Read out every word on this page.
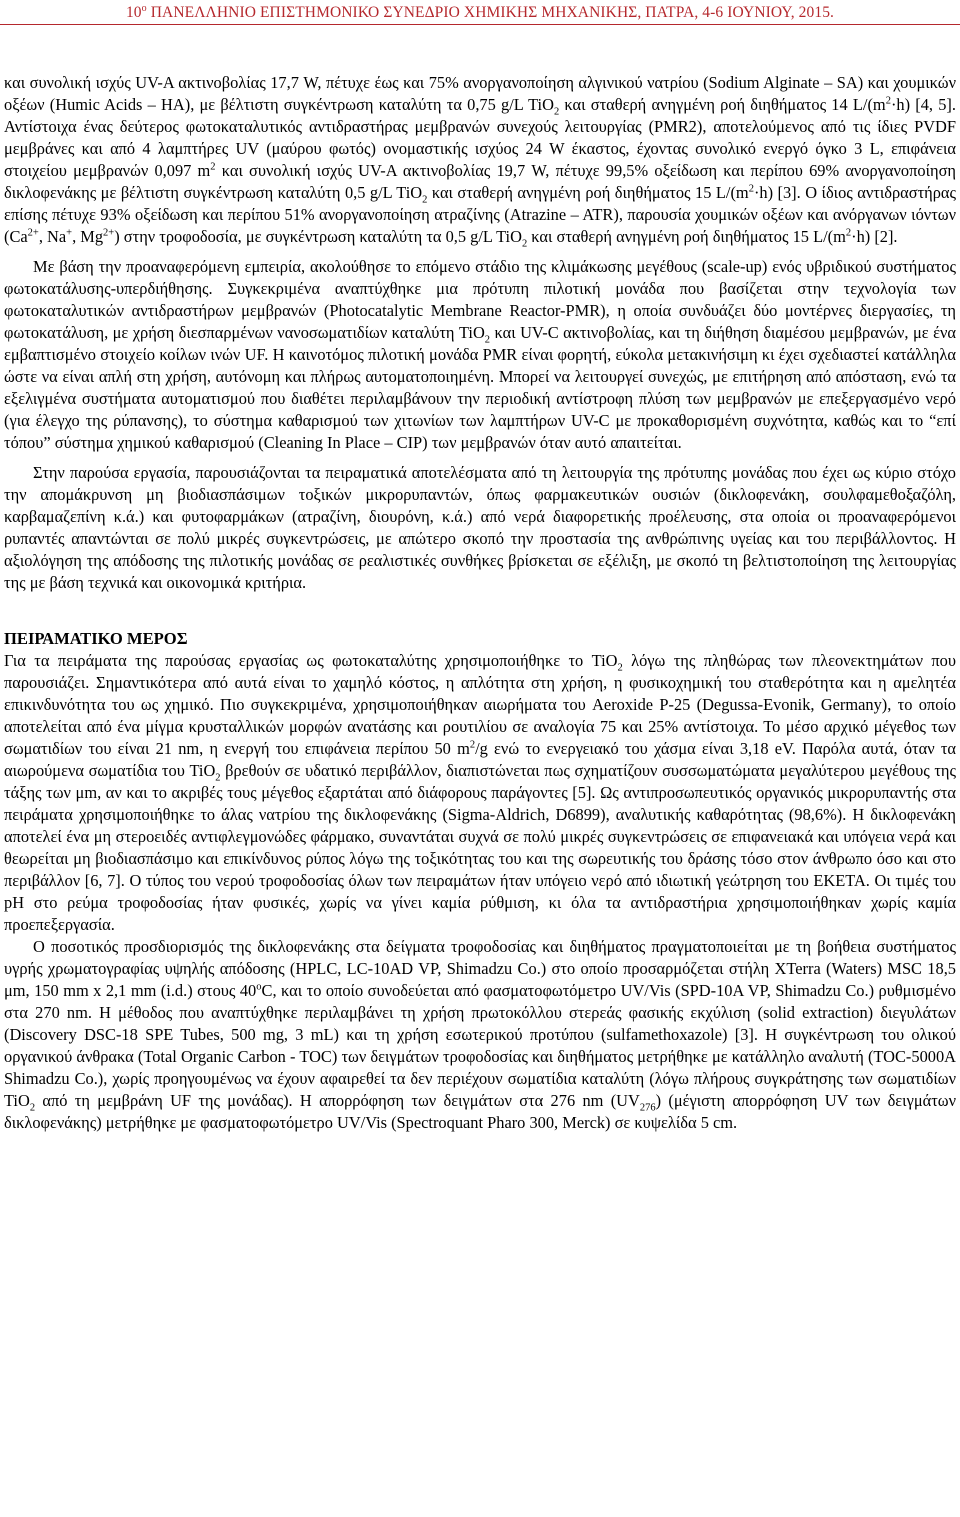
$10^o$ ΠΑΝΕΛΛΗΝΙΟ ΕΠΙΣΤΗΜΟΝΙΚΟ ΣΥΝΕΔΡΙΟ ΧΗΜΙΚΗΣ ΜΗΧΑΝΙΚΗΣ, ΠΑΤΡΑ, 4-6 ΙΟΥΝΙΟΥ, 2015.

και συνολική ισχύς UV-A ακτινοβολίας 17,7 W, πέτυχε έως και 75% ανοργανοποίηση αλγινικού νατρίου (Sodium Alginate – SA) και χουμικών οξέων (Humic Acids – HA), με βέλτιστη συγκέντρωση καταλύτη τα 0,75 g/L TiO$_2$ και σταθερή ανηγμένη ροή διηθήματος 14 $L/(m^2\cdot h)$ [4, 5]. Αντίστοιχα ένας δεύτερος φωτοκαταλυτικός αντιδραστήρας μεμβρανών συνεχούς λειτουργίας (PMR2), αποτελούμενος από τις ίδιες PVDF μεμβράνες και από 4 λαμπτήρες UV (μαύρου φωτός) ονομαστικής ισχύος 24 W έκαστος, έχοντας συνολικό ενεργό όγκο 3 L, επιφάνεια στοιχείου μεμβρανών 0,097 $m^2$ και συνολική ισχύς UV-A ακτινοβολίας 19,7 W, πέτυχε 99,5% οξείδωση και περίπου 69% ανοργανοποίηση δικλοφενάκης με βέλτιστη συγκέντρωση καταλύτη 0,5 g/L TiO$_2$ και σταθερή ανηγμένη ροή διηθήματος 15 $L/(m^2\cdot h)$ [3]. Ο ίδιος αντιδραστήρας επίσης πέτυχε 93% οξείδωση και περίπου 51% ανοργανοποίηση ατραζίνης (Atrazine – ATR), παρουσία χουμικών οξέων και ανόργανων ιόντων ($Ca^{2+}$, Na+, $Mg^{2+}$) στην τροφοδοσία, με συγκέντρωση καταλύτη τα 0,5 g/L TiO$_2$ και σταθερή ανηγμένη ροή διηθήματος 15 $L/(m^2\cdot h)$ [2].

Με βάση την προαναφερόμενη εμπειρία, ακολούθησε το επόμενο στάδιο της κλιμάκωσης μεγέθους (scale-up) ενός υβριδικού συστήματος φωτοκατάλυσης-υπερδιήθησης. Συγκεκριμένα αναπτύχθηκε μια πρότυπη πιλοτική μονάδα που βασίζεται στην τεχνολογία των φωτοκαταλυτικών αντιδραστήρων μεμβρανών (Photocatalytic Membrane Reactor-PMR), η οποία συνδυάζει δύο μοντέρνες διεργασίες, τη φωτοκατάλυση, με χρήση διεσπαρμένων νανοσωματιδίων καταλύτη TiO$_2$ και UV-C ακτινοβολίας, και τη διήθηση διαμέσου μεμβρανών, με ένα εμβαπτισμένο στοιχείο κοίλων ινών UF. Η καινοτόμος πιλοτική μονάδα PMR είναι φορητή, εύκολα μετακινήσιμη κι έχει σχεδιαστεί κατάλληλα ώστε να είναι απλή στη χρήση, αυτόνομη και πλήρως αυτοματοποιημένη. Μπορεί να λειτουργεί συνεχώς, με επιτήρηση από απόσταση, ενώ τα εξελιγμένα συστήματα αυτοματισμού που διαθέτει περιλαμβάνουν την περιοδική αντίστροφη πλύση των μεμβρανών με επεξεργασμένο νερό (για έλεγχο της ρύπανσης), το σύστημα καθαρισμού των χιτωνίων των λαμπτήρων UV-C με προκαθορισμένη συχνότητα, καθώς και το “επί τόπου” σύστημα χημικού καθαρισμού (Cleaning In Place – CIP) των μεμβρανών όταν αυτό απαιτείται.

Στην παρούσα εργασία, παρουσιάζονται τα πειραματικά αποτελέσματα από τη λειτουργία της πρότυπης μονάδας που έχει ως κύριο στόχο την απομάκρυνση μη βιοδιασπάσιμων τοξικών μικρορυπαντών, όπως φαρμακευτικών ουσιών (δικλοφενάκη, σουλφαμεθοξαζόλη, καρβαμαζεπίνη κ.ά.) και φυτοφαρμάκων (ατραζίνη, διουρόνη, κ.ά.) από νερά διαφορετικής προέλευσης, στα οποία οι προαναφερόμενοι ρυπαντές απαντώνται σε πολύ μικρές συγκεντρώσεις, με απώτερο σκοπό την προστασία της ανθρώπινης υγείας και του περιβάλλοντος. Η αξιολόγηση της απόδοσης της πιλοτικής μονάδας σε ρεαλιστικές συνθήκες βρίσκεται σε εξέλιξη, με σκοπό τη βελτιστοποίηση της λειτουργίας της με βάση τεχνικά και οικονομικά κριτήρια.

ΠΕΙΡΑΜΑΤΙΚΟ ΜΕΡΟΣ

Για τα πειράματα της παρούσας εργασίας ως φωτοκαταλύτης χρησιμοποιήθηκε το TiO$_2$ λόγω της πληθώρας των πλεονεκτημάτων που παρουσιάζει. Σημαντικότερα από αυτά είναι το χαμηλό κόστος, η απλότητα στη χρήση, η φυσικοχημική του σταθερότητα και η αμελητέα επικινδυνότητα του ως χημικό. Πιο συγκεκριμένα, χρησιμοποιήθηκαν αιωρήματα του Aeroxide P-25 (Degussa-Evonik, Germany), το οποίο αποτελείται από ένα μίγμα κρυσταλλικών μορφών ανατάσης και ρουτιλίου σε αναλογία 75 και 25% αντίστοιχα. Το μέσο αρχικό μέγεθος των σωματιδίων του είναι 21 nm, η ενεργή του επιφάνεια περίπου 50 $m^2/g$ ενώ το ενεργειακό του χάσμα είναι 3,18 eV. Παρόλα αυτά, όταν τα αιωρούμενα σωματίδια του TiO$_2$ βρεθούν σε υδατικό περιβάλλον, διαπιστώνεται πως σχηματίζουν συσσωματώματα μεγαλύτερου μεγέθους της τάξης των μm, αν και το ακριβές τους μέγεθος εξαρτάται από διάφορους παράγοντες [5]. Ως αντιπροσωπευτικός οργανικός μικρορυπαντής στα πειράματα χρησιμοποιήθηκε το άλας νατρίου της δικλοφενάκης (Sigma-Aldrich, D6899), αναλυτικής καθαρότητας (98,6%). Η δικλοφενάκη αποτελεί ένα μη στεροειδές αντιφλεγμονώδες φάρμακο, συναντάται συχνά σε πολύ μικρές συγκεντρώσεις σε επιφανειακά και υπόγεια νερά και θεωρείται μη βιοδιασπάσιμο και επικίνδυνος ρύπος λόγω της τοξικότητας του και της σωρευτικής του δράσης τόσο στον άνθρωπο όσο και στο περιβάλλον [6, 7]. Ο τύπος του νερού τροφοδοσίας όλων των πειραμάτων ήταν υπόγειο νερό από ιδιωτική γεώτρηση του ΕΚΕΤΑ. Οι τιμές του pH στο ρεύμα τροφοδοσίας ήταν φυσικές, χωρίς να γίνει καμία ρύθμιση, κι όλα τα αντιδραστήρια χρησιμοποιήθηκαν χωρίς καμία προεπεξεργασία.

Ο ποσοτικός προσδιορισμός της δικλοφενάκης στα δείγματα τροφοδοσίας και διηθήματος πραγματοποιείται με τη βοήθεια συστήματος υγρής χρωματογραφίας υψηλής απόδοσης (HPLC, LC-10AD VP, Shimadzu Co.) στο οποίο προσαρμόζεται στήλη XTerra (Waters) MSC 18,5 μm, 150 mm x 2,1 mm (i.d.) στους 40$^o$C, και το οποίο συνοδεύεται από φασματοφωτόμετρο UV/Vis (SPD-10A VP, Shimadzu Co.) ρυθμισμένο στα 270 nm. Η μέθοδος που αναπτύχθηκε περιλαμβάνει τη χρήση πρωτοκόλλου στερεάς φασικής εκχύλιση (solid extraction) διεγυλάτων (Discovery DSC-18 SPE Tubes, 500 mg, 3 mL) και τη χρήση εσωτερικού προτύπου (sulfamethoxazole) [3]. Η συγκέντρωση του ολικού οργανικού άνθρακα (Total Organic Carbon - TOC) των δειγμάτων τροφοδοσίας και διηθήματος μετρήθηκε με κατάλληλο αναλυτή (TOC-5000A Shimadzu Co.), χωρίς προηγουμένως να έχουν αφαιρεθεί τα δεν περιέχουν σωματίδια καταλύτη (λόγω πλήρους συγκράτησης των σωματιδίων TiO$_2$ από τη μεμβράνη UF της μονάδας). Η απορρόφηση των δειγμάτων στα 276 nm $(UV_{276})$ (μέγιστη απορρόφηση UV των δειγμάτων δικλοφενάκης) μετρήθηκε με φασματοφωτόμετρο UV/Vis (Spectroquant Pharo 300, Merck) σε κυψελίδα 5 cm.
